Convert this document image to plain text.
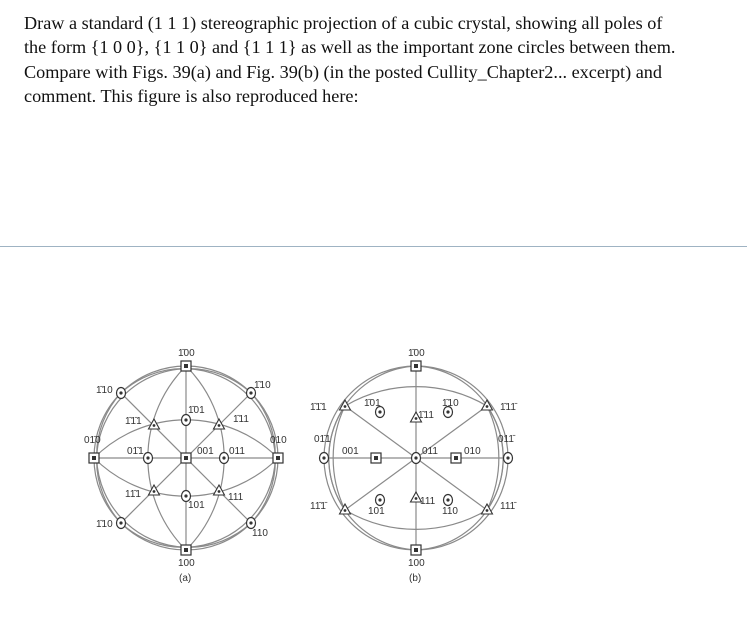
Draw a standard (1 1 1) stereographic projection of a cubic crystal, showing all poles of
the form {1 0 0}, {1 1 0} and {1 1 1} as well as the important zone circles between them.
Compare with Figs. 39(a) and Fig. 39(b) (in the posted Cullity_Chapter2... excerpt) and
comment. This figure is also reproduced here:
1̄00
100
01̄0	010
001
1̄10	1̄10
1̄10
110
1̄01
101
01̄1	011
1̄1̄1	1̄11
11̄1	111
(a)
1̄00
100
01̄1	011̄
001	011	010
1̄1̄1	1̄11̄
11̄1̄	111̄
1̄01	1̄10
1̄11
101
111
110
(b)
